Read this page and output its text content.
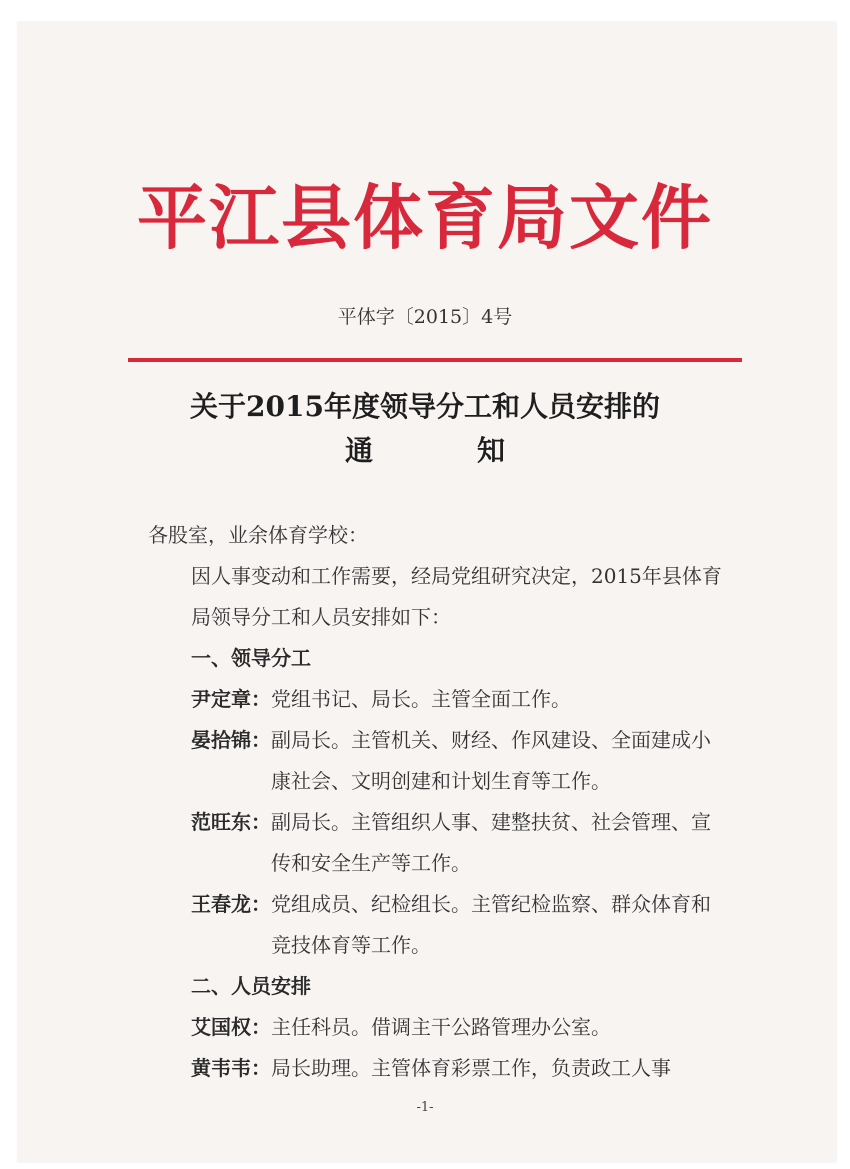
平江县体育局文件
平体字〔2015〕4号
关于2015年度领导分工和人员安排的
通	知

各股室，业余体育学校：

因人事变动和工作需要，经局党组研究决定，2015年县体育局领导分工和人员安排如下：

一、领导分工

尹定章： 党组书记、局长。主管全面工作。
晏拾锦： 副局长。主管机关、财经、作风建设、全面建成小康社会、文明创建和计划生育等工作。
范旺东： 副局长。主管组织人事、建整扶贫、社会管理、宣传和安全生产等工作。
王春龙： 党组成员、纪检组长。主管纪检监察、群众体育和竞技体育等工作。

二、人员安排

艾国权： 主任科员。借调主干公路管理办公室。
黄韦韦： 局长助理。主管体育彩票工作，负责政工人事
-1-
